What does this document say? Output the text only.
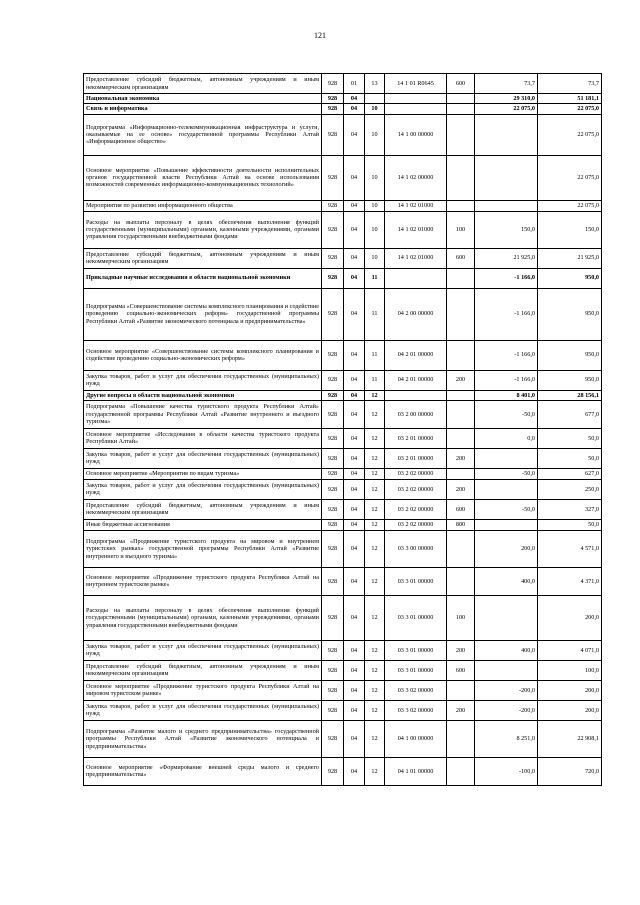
121
Предоставление субсидий бюджетным, автономным учреждениям и иным некоммерческим организациям	928	01	13	14 1 01 R0645	600	73,7	73,7
Национальная экономика	928	04				29 310,0	51 181,1
Связь и информатика	928	04	10			22 075,0	22 075,0
Подпрограмма «Информационно-телекоммуникационная инфраструктура и услуги, оказываемые на ее основе» государственной программы Республики Алтай «Информационное общество»	928	04	10	14 1 00 00000			22 075,0
Основное мероприятие «Повышение эффективности деятельности исполнительных органов государственной власти Республики Алтай на основе использования возможностей современных информационно-коммуникационных технологий»	928	04	10	14 1 02 00000			22 075,0
Мероприятия по развитию информационного общества	928	04	10	14 1 02 01000			22 075,0
Расходы на выплаты персоналу в целях обеспечения выполнения функций государственными (муниципальными) органами, казенными учреждениями, органами управления государственными внебюджетными фондами	928	04	10	14 1 02 01000	100	150,0	150,0
Предоставление субсидий бюджетным, автономным учреждениям и иным некоммерческим организациям	928	04	10	14 1 02 01000	600	21 925,0	21 925,0
Прикладные научные исследования в области национальной экономики	928	04	11			-1 166,0	950,0
Подпрограмма «Совершенствование системы комплексного планирования и содействие проведению социально-экономических реформ» государственной программы Республики Алтай «Развитие экономического потенциала и предпринимательства»	928	04	11	04 2 00 00000		-1 166,0	950,0
Основное мероприятие «Совершенствование системы комплексного планирования и содействие проведению социально-экономических реформ»	928	04	11	04 2 01 00000		-1 166,0	950,0
Закупка товаров, работ и услуг для обеспечения государственных (муниципальных) нужд	928	04	11	04 2 01 00000	200	-1 166,0	950,0
Другие вопросы в области национальной экономики	928	04	12			8 401,0	28 156,1
Подпрограмма «Повышение качества туристского продукта Республики Алтай» государственной программы Республики Алтай «Развитие внутреннего и въездного туризма»	928	04	12	03 2 00 00000		-50,0	677,0
Основное мероприятие «Исследования в области качества туристского продукта Республики Алтай»	928	04	12	03 2 01 00000		0,0	50,0
Закупка товаров, работ и услуг для обеспечения государственных (муниципальных) нужд	928	04	12	03 2 01 00000	200		50,0
Основное мероприятие «Мероприятия по видам туризма»	928	04	12	03 2 02 00000		-50,0	627,0
Закупка товаров, работ и услуг для обеспечения государственных (муниципальных) нужд	928	04	12	03 2 02 00000	200		250,0
Предоставление субсидий бюджетным, автономным учреждениям и иным некоммерческим организациям	928	04	12	03 2 02 00000	600	-50,0	327,0
Иные бюджетные ассигнования	928	04	12	03 2 02 00000	800		50,0
Подпрограмма «Продвижение туристского продукта на мировом и внутреннем туристских рынках» государственной программы Республики Алтай «Развитие внутреннего и въездного туризма»	928	04	12	03 3 00 00000		200,0	4 571,0
Основное мероприятие «Продвижение туристского продукта Республики Алтай на внутреннем туристском рынке»	928	04	12	03 3 01 00000		400,0	4 371,0
Расходы на выплаты персоналу в целях обеспечения выполнения функций государственными (муниципальными) органами, казенными учреждениями, органами управления государственными внебюджетными фондами	928	04	12	03 3 01 00000	100		200,0
Закупка товаров, работ и услуг для обеспечения государственных (муниципальных) нужд	928	04	12	03 3 01 00000	200	400,0	4 071,0
Предоставление субсидий бюджетным, автономным учреждениям и иным некоммерческим организациям	928	04	12	03 3 01 00000	600		100,0
Основное мероприятие «Продвижение туристского продукта Республики Алтай на мировом туристском рынке»	928	04	12	03 3 02 00000		-200,0	200,0
Закупка товаров, работ и услуг для обеспечения государственных (муниципальных) нужд	928	04	12	03 3 02 00000	200	-200,0	200,0
Подпрограмма «Развитие малого и среднего предпринимательства» государственной программы Республики Алтай «Развитие экономического потенциала и предпринимательства»	928	04	12	04 1 00 00000		8 251,0	22 908,1
Основное мероприятие «Формирование внешней среды малого и среднего предпринимательства»	928	04	12	04 1 01 00000		-100,0	720,0
